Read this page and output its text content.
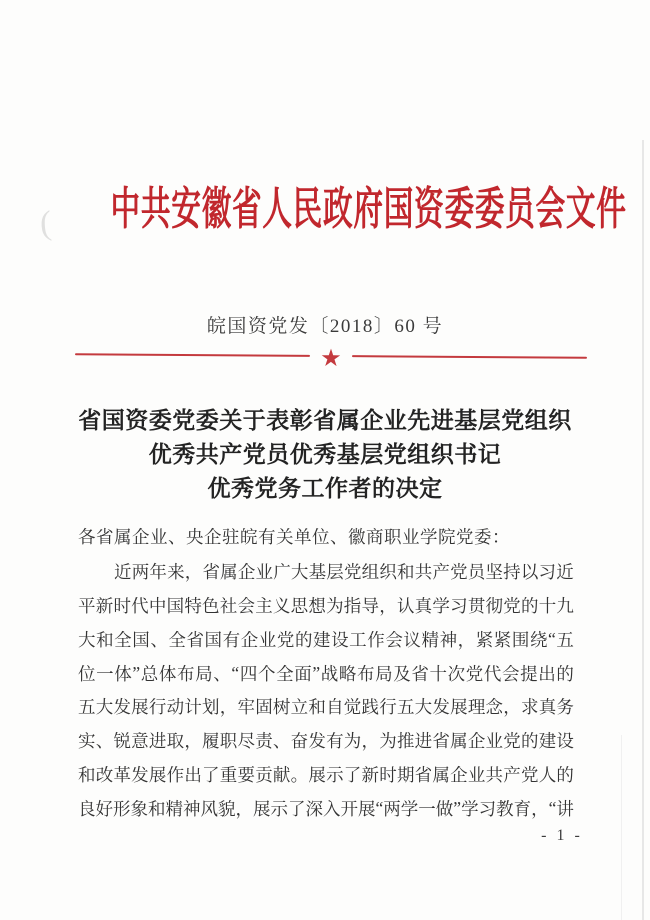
( 中共安徽省人民政府国资委委员会文件
皖国资党发〔2018〕60 号
★
省国资委党委关于表彰省属企业先进基层党组织
优秀共产党员优秀基层党组织书记
优秀党务工作者的决定
各省属企业、央企驻皖有关单位、徽商职业学院党委：
近 两 年 来 ， 省 属 企 业 广 大 基 层 党 组 织 和 共 产 党 员 坚 持 以 习 近
平 新 时 代 中 国 特 色 社 会 主 义 思 想 为 指 导 ， 认 真 学 习 贯 彻 党 的 十 九
大 和 全 国 、 全 省 国 有 企 业 党 的 建 设 工 作 会 议 精 神 ， 紧 紧 围 绕 “ 五
位 一 体 ” 总 体 布 局 、 “ 四 个 全 面 ” 战 略 布 局 及 省 十 次 党 代 会 提 出 的
五 大 发 展 行 动 计 划 ， 牢 固 树 立 和 自 觉 践 行 五 大 发 展 理 念 ， 求 真 务
实 、 锐 意 进 取 ， 履 职 尽 责 、 奋 发 有 为 ， 为 推 进 省 属 企 业 党 的 建 设
和 改 革 发 展 作 出 了 重 要 贡 献 。 展 示 了 新 时 期 省 属 企 业 共 产 党 人 的
良 好 形 象 和 精 神 风 貌 ， 展 示 了 深 入 开 展 “ 两 学 一 做 ” 学 习 教 育 ， “ 讲
- 1 -
